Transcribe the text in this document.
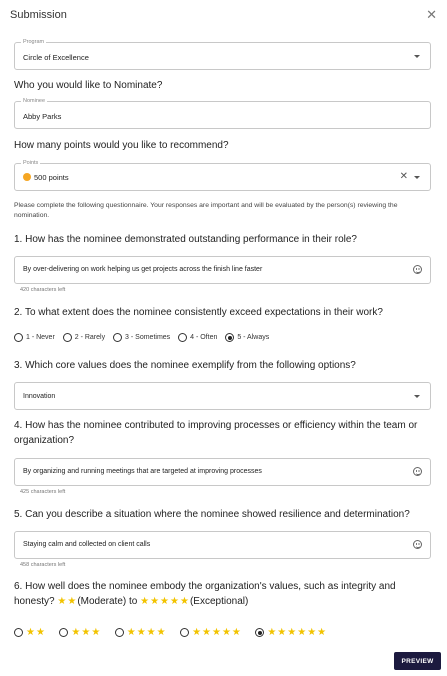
Submission	✕
Program
Circle of Excellence
Who you would like to Nominate?
Nominee
Abby Parks
How many points would you like to recommend?
Points
500 points	✕
Please complete the following questionnaire. Your responses are important and will be evaluated by the person(s) reviewing the nomination.
1. How has the nominee demonstrated outstanding performance in their role?
By over-delivering on work helping us get projects across the finish line faster
420 characters left
2. To what extent does the nominee consistently exceed expectations in their work?
1 - Never	2 - Rarely	3 - Sometimes	4 - Often	5 - Always
3. Which core values does the nominee exemplify from the following options?
Innovation
4. How has the nominee contributed to improving processes or efficiency within the team or organization?
By organizing and running meetings that are targeted at improving processes
425 characters left
5. Can you describe a situation where the nominee showed resilience and determination?
Staying calm and collected on client calls
458 characters left
6. How well does the nominee embody the organization's values, such as integrity and honesty? ★★(Moderate) to ★★★★★(Exceptional)
★★	★★★	★★★★	★★★★★	★★★★★★
PREVIEW
